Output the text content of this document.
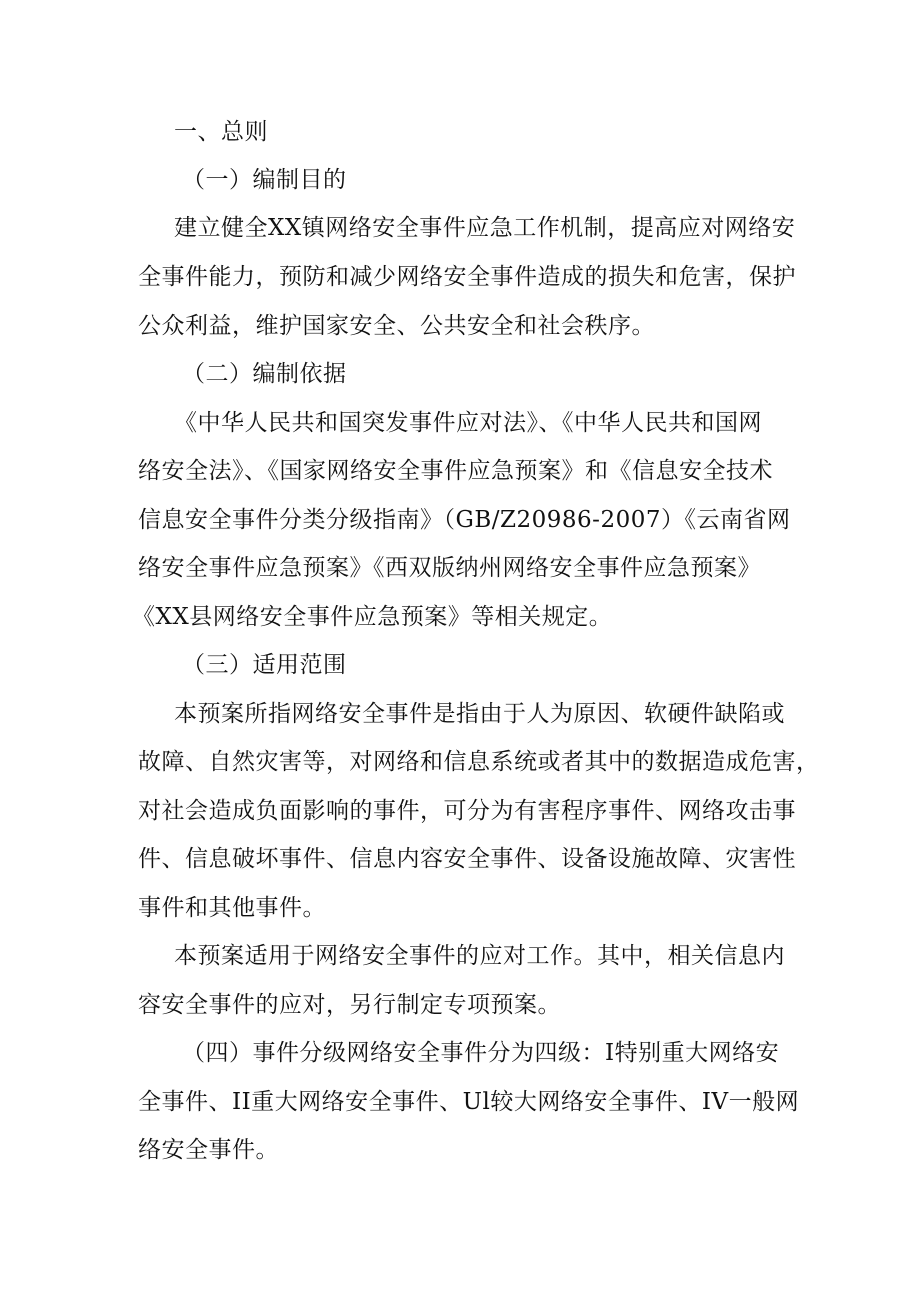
一、总则
（一）编制目的
建立健全XX镇网络安全事件应急工作机制，提高应对网络安
全事件能力，预防和减少网络安全事件造成的损失和危害，保护
公众利益，维护国家安全、公共安全和社会秩序。
（二）编制依据
《中华人民共和国突发事件应对法》、《中华人民共和国网
络安全法》、《国家网络安全事件应急预案》和《信息安全技术
信息安全事件分类分级指南》（GB/Z20986-2007）《云南省网
络安全事件应急预案》《西双版纳州网络安全事件应急预案》
《XX县网络安全事件应急预案》等相关规定。
（三）适用范围
本预案所指网络安全事件是指由于人为原因、软硬件缺陷或
故障、自然灾害等，对网络和信息系统或者其中的数据造成危害，
对社会造成负面影响的事件，可分为有害程序事件、网络攻击事
件、信息破坏事件、信息内容安全事件、设备设施故障、灾害性
事件和其他事件。
本预案适用于网络安全事件的应对工作。其中，相关信息内
容安全事件的应对，另行制定专项预案。
（四）事件分级网络安全事件分为四级：I特别重大网络安
全事件、II重大网络安全事件、Ul较大网络安全事件、IV一般网
络安全事件。
